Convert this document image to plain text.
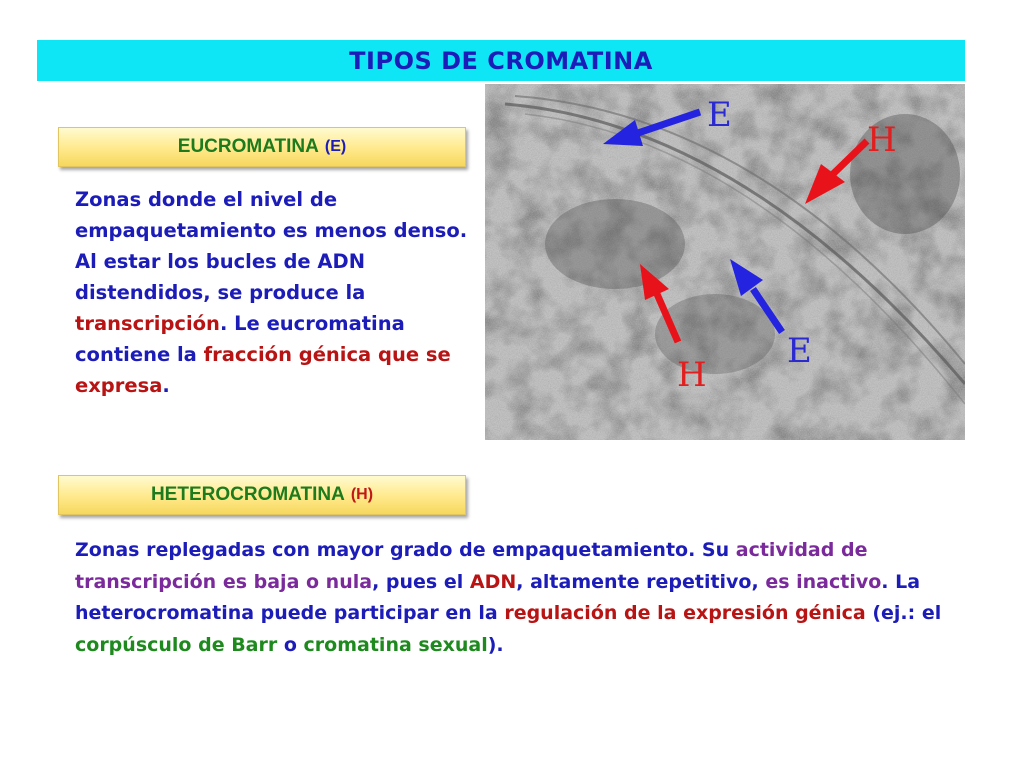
TIPOS DE CROMATINA
EUCROMATINA (E)
Zonas donde el nivel de empaquetamiento es menos denso. Al estar los bucles de ADN distendidos, se produce la transcripción. Le eucromatina contiene la fracción génica que se expresa.
E
H
H
E
HETEROCROMATINA (H)
Zonas replegadas con mayor grado de empaquetamiento. Su actividad de transcripción es baja o nula, pues el ADN, altamente repetitivo, es inactivo. La heterocromatina puede participar en la regulación de la expresión génica (ej.: el corpúsculo de Barr o cromatina sexual).
